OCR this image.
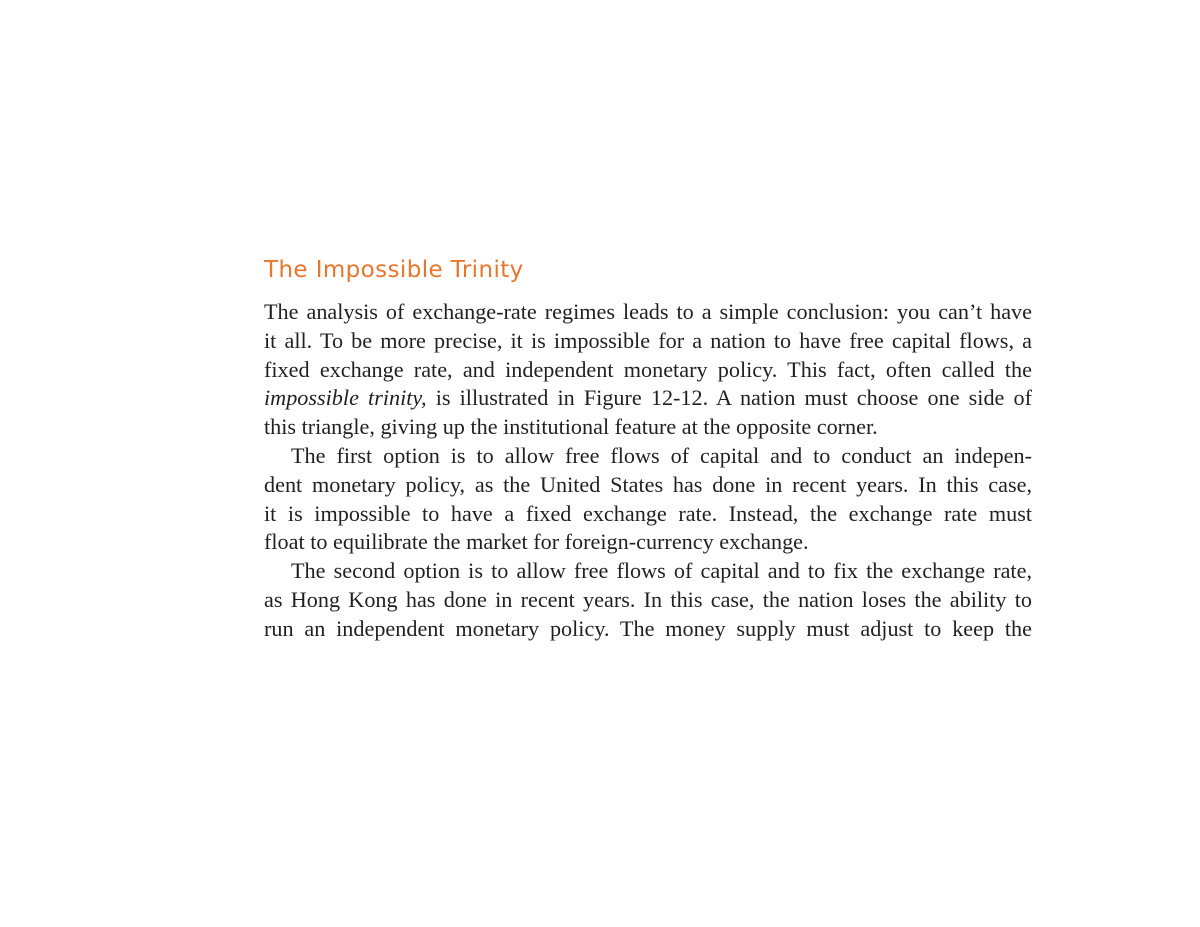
The Impossible Trinity

The analysis of exchange-rate regimes leads to a simple conclusion: you can’t have
it all. To be more precise, it is impossible for a nation to have free capital flows, a
fixed exchange rate, and independent monetary policy. This fact, often called the
impossible trinity, is illustrated in Figure 12-12. A nation must choose one side of
this triangle, giving up the institutional feature at the opposite corner.

The first option is to allow free flows of capital and to conduct an indepen-
dent monetary policy, as the United States has done in recent years. In this case,
it is impossible to have a fixed exchange rate. Instead, the exchange rate must
float to equilibrate the market for foreign-currency exchange.

The second option is to allow free flows of capital and to fix the exchange rate,
as Hong Kong has done in recent years. In this case, the nation loses the ability to
run an independent monetary policy. The money supply must adjust to keep the
